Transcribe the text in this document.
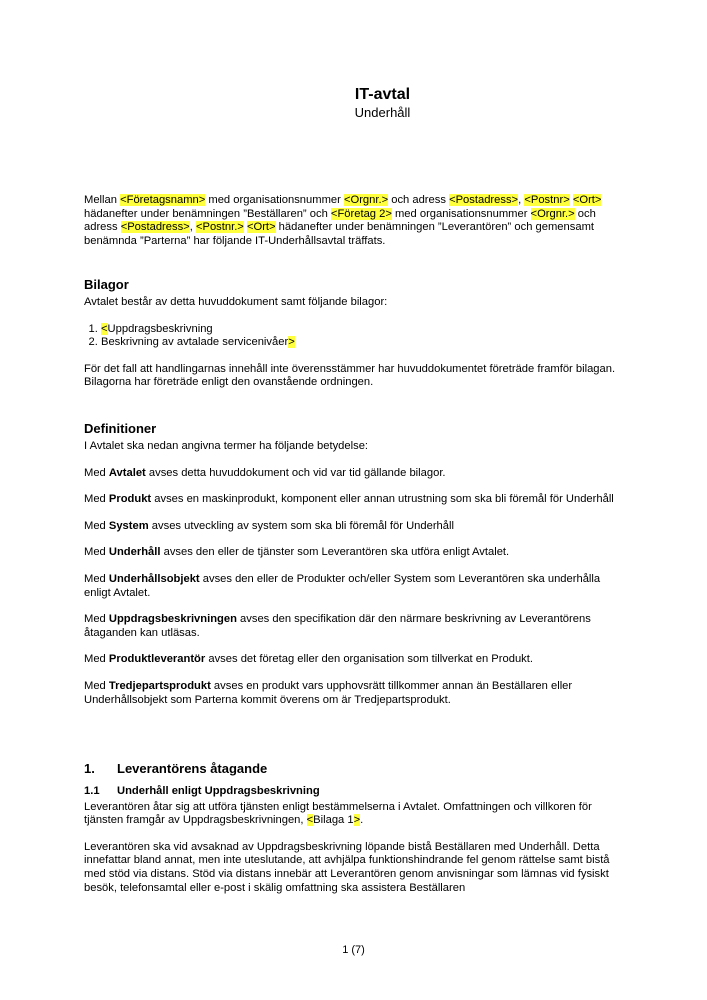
IT-avtal
Underhåll
Mellan <Företagsnamn> med organisationsnummer <Orgnr.> och adress <Postadress>, <Postnr> <Ort> hädanefter under benämningen ”Beställaren” och <Företag 2> med organisationsnummer <Orgnr.> och adress <Postadress>, <Postnr.> <Ort> hädanefter under benämningen ”Leverantören” och gemensamt benämnda ”Parterna” har följande IT-Underhållsavtal träffats.
Bilagor

Avtalet består av detta huvuddokument samt följande bilagor:

1. <Uppdragsbeskrivning
2. Beskrivning av avtalade servicenivåer>

För det fall att handlingarnas innehåll inte överensstämmer har huvuddokumentet företräde framför bilagan. Bilagorna har företräde enligt den ovanstående ordningen.

Definitioner

I Avtalet ska nedan angivna termer ha följande betydelse:

Med Avtalet avses detta huvuddokument och vid var tid gällande bilagor.

Med Produkt avses en maskinprodukt, komponent eller annan utrustning som ska bli föremål för Underhåll

Med System avses utveckling av system som ska bli föremål för Underhåll

Med Underhåll avses den eller de tjänster som Leverantören ska utföra enligt Avtalet.

Med Underhållsobjekt avses den eller de Produkter och/eller System som Leverantören ska underhålla enligt Avtalet.

Med Uppdragsbeskrivningen avses den specifikation där den närmare beskrivning av Leverantörens åtaganden kan utläsas.

Med Produktleverantör avses det företag eller den organisation som tillverkat en Produkt.

Med Tredjepartsprodukt avses en produkt vars upphovsrätt tillkommer annan än Beställaren eller Underhållsobjekt som Parterna kommit överens om är Tredjepartsprodukt.

1. Leverantörens åtagande
1.1 Underhåll enligt Uppdragsbeskrivning

Leverantören åtar sig att utföra tjänsten enligt bestämmelserna i Avtalet. Omfattningen och villkoren för tjänsten framgår av Uppdragsbeskrivningen, <Bilaga 1>.

Leverantören ska vid avsaknad av Uppdragsbeskrivning löpande bistå Beställaren med Underhåll. Detta innefattar bland annat, men inte uteslutande, att avhjälpa funktionshindrande fel genom rättelse samt bistå med stöd via distans. Stöd via distans innebär att Leverantören genom anvisningar som lämnas vid fysiskt besök, telefonsamtal eller e-post i skälig omfattning ska assistera Beställaren

1 (7)
